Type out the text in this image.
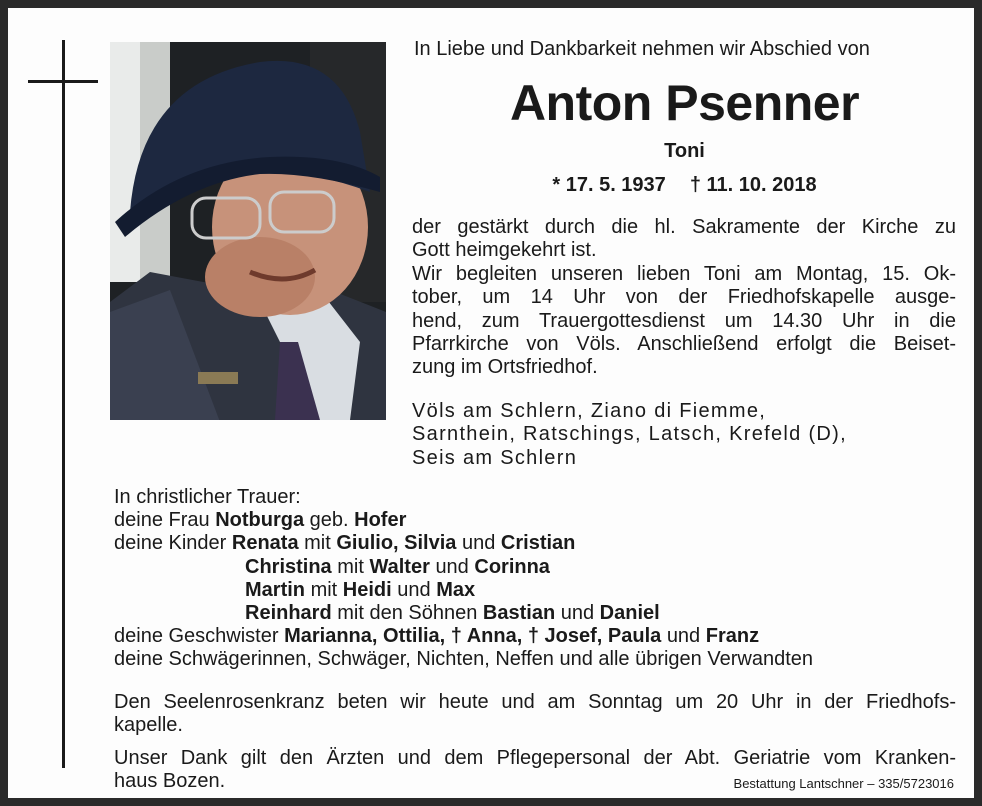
In Liebe und Dankbarkeit nehmen wir Abschied von

Anton Psenner

Toni

* 17. 5. 1937 † 11. 10. 2018

der gestärkt durch die hl. Sakramente der Kirche zu
Gott heimgekehrt ist.
Wir begleiten unseren lieben Toni am Montag, 15. Ok-
tober, um 14 Uhr von der Friedhofskapelle ausge-
hend, zum Trauergottesdienst um 14.30 Uhr in die
Pfarrkirche von Völs. Anschließend erfolgt die Beiset-
zung im Ortsfriedhof.
Völs am Schlern, Ziano di Fiemme,
Sarnthein, Ratschings, Latsch, Krefeld (D),
Seis am Schlern
In christlicher Trauer:
deine Frau Notburga geb. Hofer
deine Kinder Renata mit Giulio, Silvia und Cristian
Christina mit Walter und Corinna
Martin mit Heidi und Max
Reinhard mit den Söhnen Bastian und Daniel
deine Geschwister Marianna, Ottilia, † Anna, † Josef, Paula und Franz
deine Schwägerinnen, Schwäger, Nichten, Neffen und alle übrigen Verwandten
Den Seelenrosenkranz beten wir heute und am Sonntag um 20 Uhr in der Friedhofs-
kapelle.
Unser Dank gilt den Ärzten und dem Pflegepersonal der Abt. Geriatrie vom Kranken-
haus Bozen.	Bestattung Lantschner – 335/5723016
